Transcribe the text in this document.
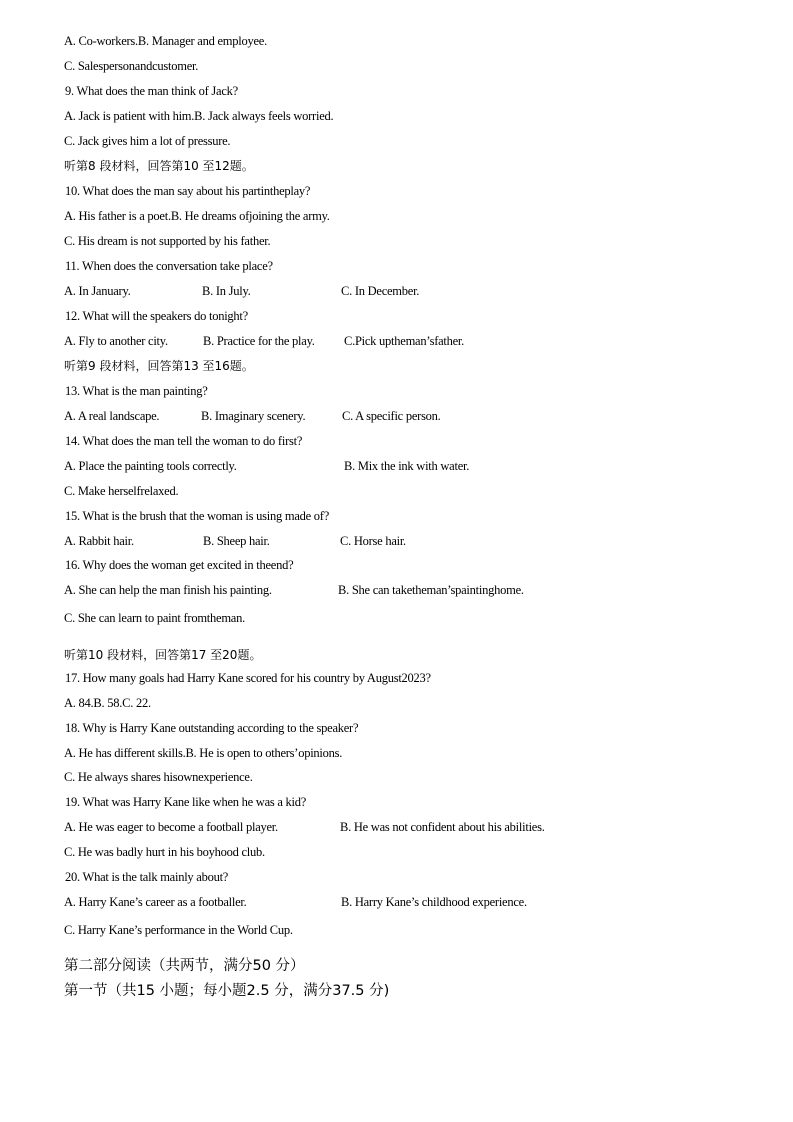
A. Co-workers.B. Manager and employee.
C. Salespersonandcustomer.
9. What does the man think of Jack?
A. Jack is patient with him.B. Jack always feels worried.
C. Jack gives him a lot of pressure.
听第8 段材料，回答第10 至12题。
10. What does the man say about his partintheplay?
A. His father is a poet.B. He dreams ofjoining the army.
C. His dream is not supported by his father.
11. When does the conversation take place?
A. In January.	B. In July.	C. In December.
12. What will the speakers do tonight?
A. Fly to another city.	B. Practice for the play. C.Pick uptheman’sfather.
听第9 段材料，回答第13 至16题。
13. What is the man painting?
A. A real landscape.	B. Imaginary scenery.	C. A specific person.
14. What does the man tell the woman to do first?
A. Place the painting tools correctly.	B. Mix the ink with water.
C. Make herselfrelaxed.
15. What is the brush that the woman is using made of?
A. Rabbit hair.	B. Sheep hair.	C. Horse hair.
16. Why does the woman get excited in theend?
A. She can help the man finish his painting.	B. She can taketheman’spaintinghome.
C. She can learn to paint fromtheman.
听第10 段材料，回答第17 至20题。
17. How many goals had Harry Kane scored for his country by August2023?
A. 84.B. 58.C. 22.
18. Why is Harry Kane outstanding according to the speaker?
A. He has different skills.B. He is open to others’opinions.
C. He always shares hisownexperience.
19. What was Harry Kane like when he was a kid?
A. He was eager to become a football player.	B. He was not confident about his abilities.
C. He was badly hurt in his boyhood club.
20. What is the talk mainly about?
A. Harry Kane’s career as a footballer.	B. Harry Kane’s childhood experience.
C. Harry Kane’s performance in the World Cup.
第二部分阅读（共两节，满分50 分）
第一节（共15 小题；每小题2.5 分，满分37.5 分)
